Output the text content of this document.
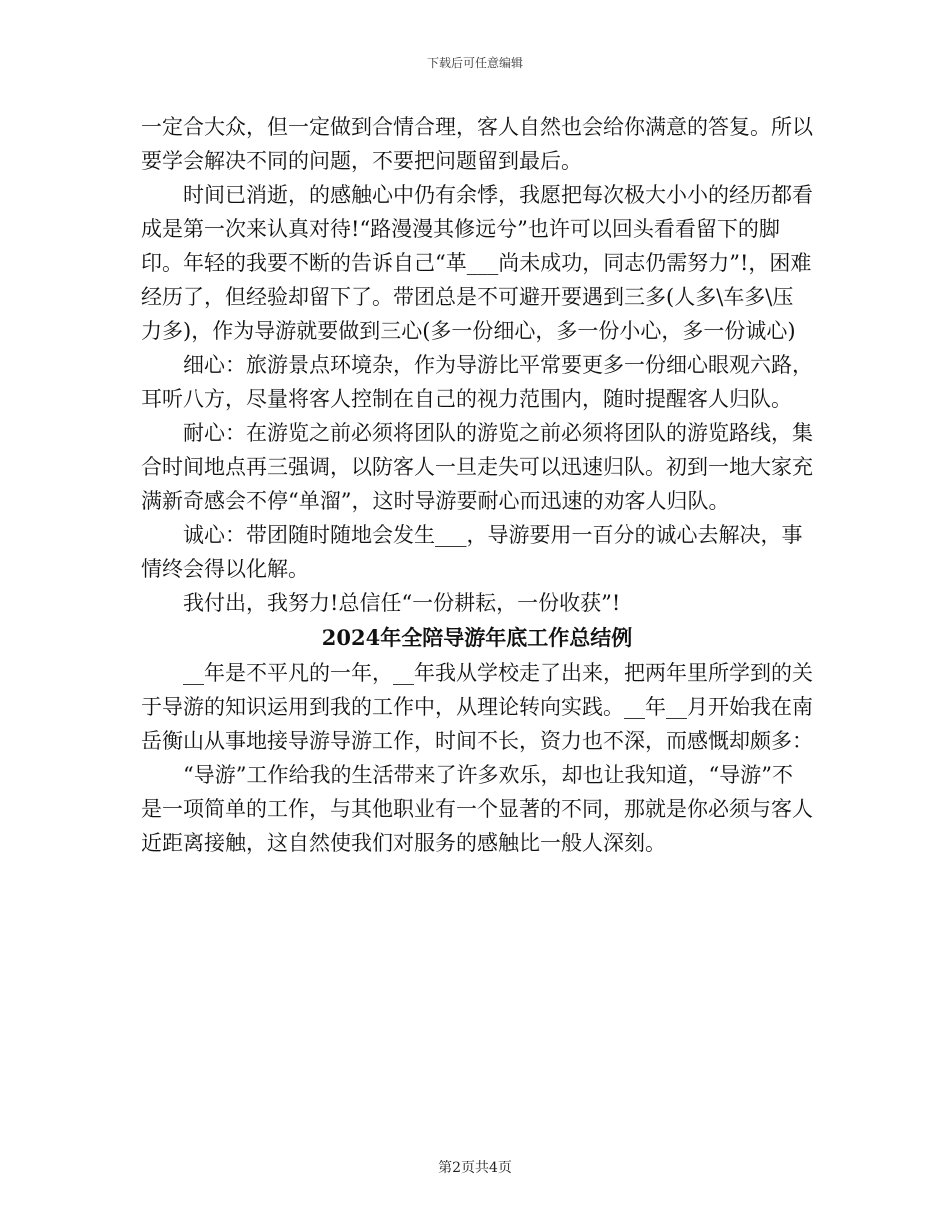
下载后可任意编辑

一定合大众，但一定做到合情合理，客人自然也会给你满意的答复。所以要学会解决不同的问题，不要把问题留到最后。

时间已消逝，的感触心中仍有余悸，我愿把每次极大小小的经历都看成是第一次来认真对待!“路漫漫其修远兮”也许可以回头看看留下的脚印。年轻的我要不断的告诉自己“革___尚未成功，同志仍需努力”!，困难经历了，但经验却留下了。带团总是不可避开要遇到三多(人多\车多\压力多)，作为导游就要做到三心(多一份细心，多一份小心，多一份诚心)

细心：旅游景点环境杂，作为导游比平常要更多一份细心眼观六路，耳听八方，尽量将客人控制在自己的视力范围内，随时提醒客人归队。

耐心：在游览之前必须将团队的游览之前必须将团队的游览路线，集合时间地点再三强调，以防客人一旦走失可以迅速归队。初到一地大家充满新奇感会不停“单溜”，这时导游要耐心而迅速的劝客人归队。

诚心：带团随时随地会发生___，导游要用一百分的诚心去解决，事情终会得以化解。

我付出，我努力!总信任“一份耕耘，一份收获”!

2024年全陪导游年底工作总结例

__年是不平凡的一年，__年我从学校走了出来，把两年里所学到的关于导游的知识运用到我的工作中，从理论转向实践。__年__月开始我在南岳衡山从事地接导游导游工作，时间不长，资力也不深，而感慨却颇多：

“导游”工作给我的生活带来了许多欢乐，却也让我知道，“导游”不是一项简单的工作，与其他职业有一个显著的不同，那就是你必须与客人近距离接触，这自然使我们对服务的感触比一般人深刻。

第2页共4页
